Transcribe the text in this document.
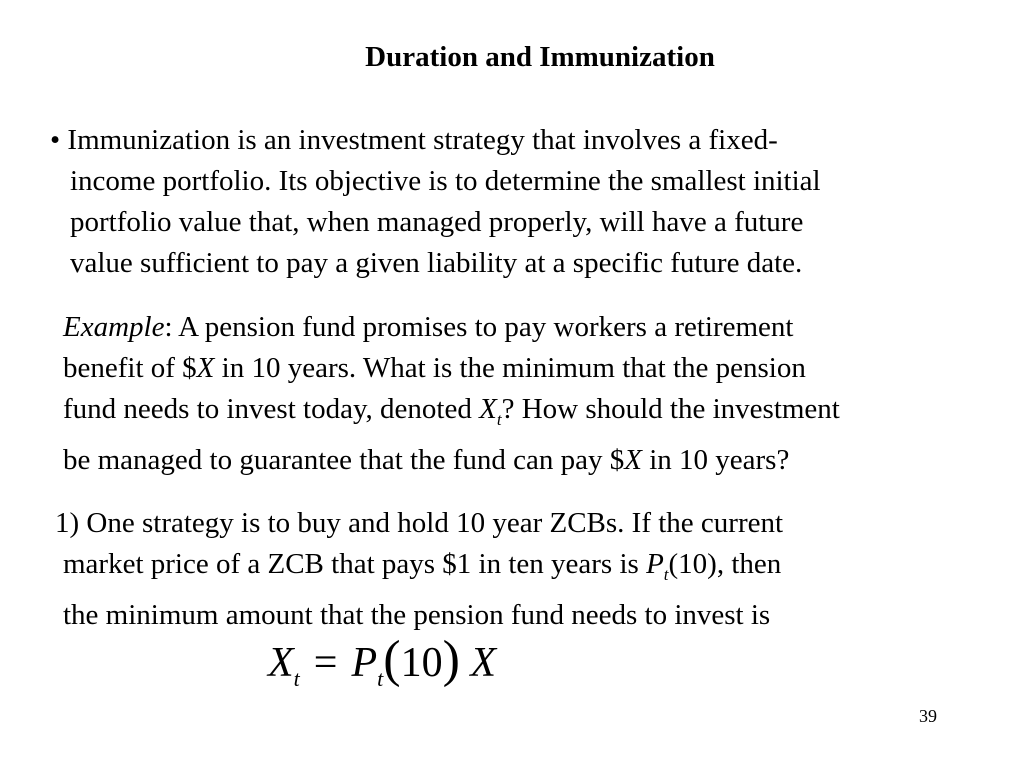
Duration and Immunization
• Immunization is an investment strategy that involves a fixed-
income portfolio. Its objective is to determine the smallest initial
portfolio value that, when managed properly, will have a future
value sufficient to pay a given liability at a specific future date.
Example: A pension fund promises to pay workers a retirement
benefit of $X in 10 years. What is the minimum that the pension
fund needs to invest today, denoted $X_t$? How should the investment
be managed to guarantee that the fund can pay $X in 10 years?
1) One strategy is to buy and hold 10 year ZCBs. If the current
market price of a ZCB that pays $1 in ten years is $P_t(10)$, then
the minimum amount that the pension fund needs to invest is
$X_t = P_t(10)$ X
39
